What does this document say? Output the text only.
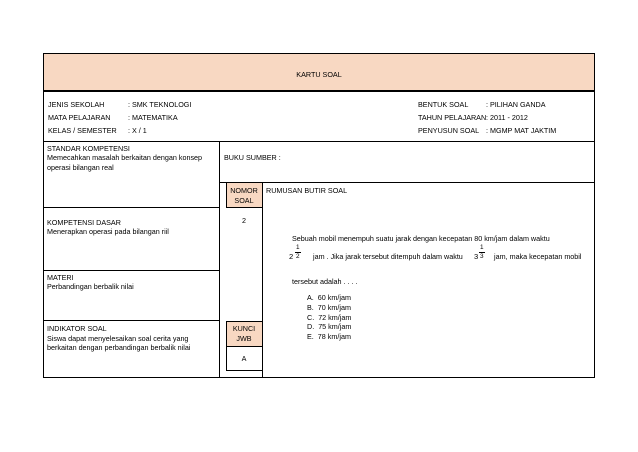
KARTU SOAL
JENIS SEKOLAH	: SMK TEKNOLOGI
MATA PELAJARAN : MATEMATIKA
KELAS / SEMESTER : X / 1
BENTUK SOAL : PILIHAN GANDA
TAHUN PELAJARAN : 2011 - 2012
PENYUSUN SOAL : MGMP MAT JAKTIM
STANDAR KOMPETENSI
Memecahkan masalah berkaitan dengan konsep
operasi bilangan real
KOMPETENSI DASAR
Menerapkan operasi pada bilangan riil
MATERI
Perbandingan berbalik nilai
INDIKATOR SOAL
Siswa dapat menyelesaikan soal cerita yang
berkaitan dengan perbandingan berbalik nilai
BUKU SUMBER :
NOMOR
SOAL
2
KUNCI
JWB
A
RUMUSAN BUTIR SOAL
Sebuah mobil menempuh suatu jarak dengan kecepatan 80 km/jam dalam waktu
$2 \frac{1}{2}$ jam . Jika jarak tersebut ditempuh dalam waktu $3 \frac{1}{3}$ jam, maka kecepatan mobil
tersebut adalah . . . .
A. 60 km/jam
B. 70 km/jam
C. 72 km/jam
D. 75 km/jam
E. 78 km/jam
